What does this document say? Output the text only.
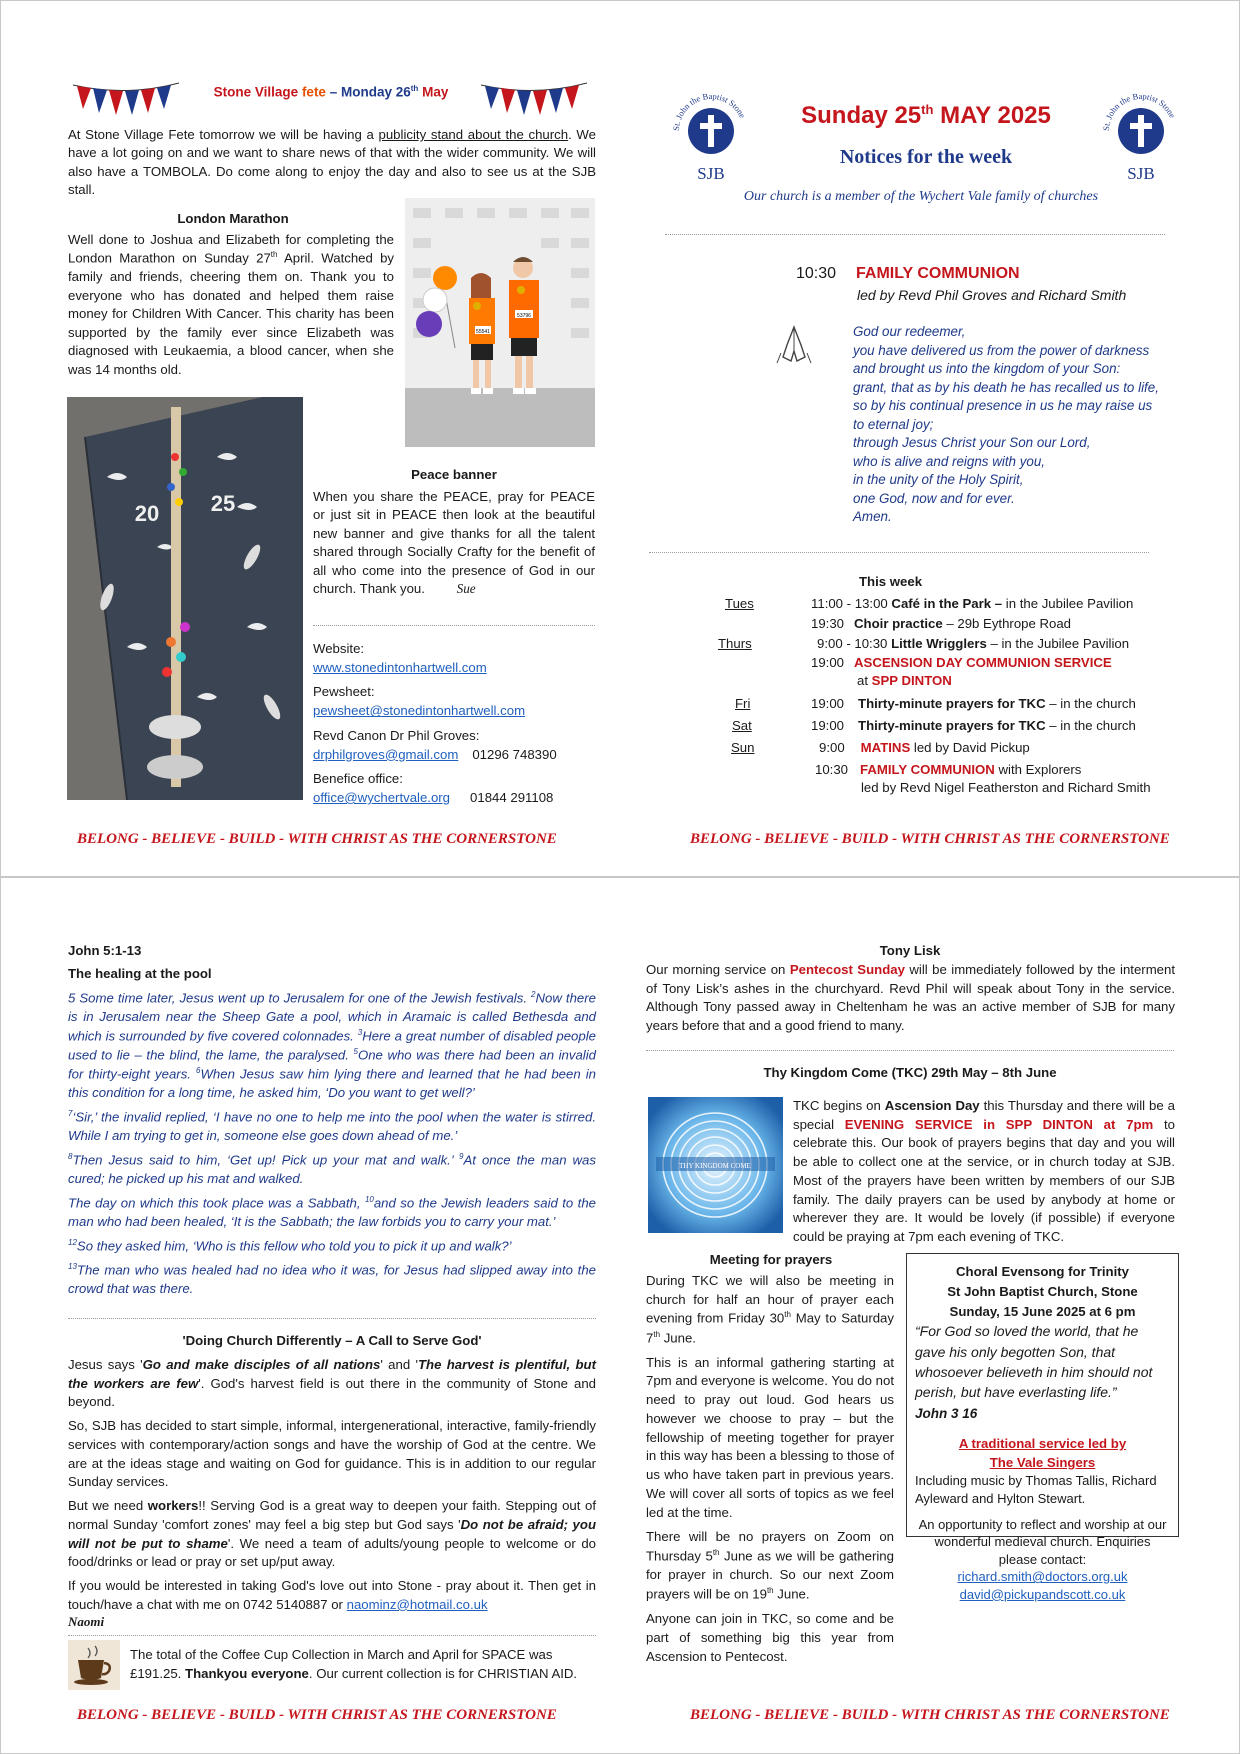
Stone Village fete – Monday 26th May
At Stone Village Fete tomorrow we will be having a publicity stand about the church. We have a lot going on and we want to share news of that with the wider community. We will also have a TOMBOLA. Do come along to enjoy the day and also to see us at the SJB stall.
London Marathon
Well done to Joshua and Elizabeth for completing the London Marathon on Sunday 27th April. Watched by family and friends, cheering them on. Thank you to everyone who has donated and helped them raise money for Children With Cancer. This charity has been supported by the family ever since Elizabeth was diagnosed with Leukaemia, a blood cancer, when she was 14 months old.
55541
53796
20 25
Peace banner
When you share the PEACE, pray for PEACE or just sit in PEACE then look at the beautiful new banner and give thanks for all the talent shared through Socially Crafty for the benefit of all who come into the presence of God in our church. Thank you. Sue
Website:
www.stonedintonhartwell.com
Pewsheet:
pewsheet@stonedintonhartwell.com
Revd Canon Dr Phil Groves:
drphilgroves@gmail.com 01296 748390
Benefice office:
office@wychertvale.org 01844 291108
BELONG - BELIEVE - BUILD - WITH CHRIST AS THE CORNERSTONE
St. John the Baptist Stone
SJB
St. John the Baptist Stone
SJB
Sunday 25th MAY 2025
Notices for the week
Our church is a member of the Wychert Vale family of churches
10:30 FAMILY COMMUNION
led by Revd Phil Groves and Richard Smith
God our redeemer,
you have delivered us from the power of darkness
and brought us into the kingdom of your Son:
grant, that as by his death he has recalled us to life,
so by his continual presence in us he may raise us
to eternal joy;
through Jesus Christ your Son our Lord,
who is alive and reigns with you,
in the unity of the Holy Spirit,
one God, now and for ever.
Amen.
This week
Tues	11:00 - 13:00 Café in the Park – in the Jubilee Pavilion
19:30 Choir practice – 29b Eythrope Road
Thurs	9:00 - 10:30 Little Wrigglers – in the Jubilee Pavilion
19:00 ASCENSION DAY COMMUNION SERVICE
at SPP DINTON
Fri	19:00 Thirty-minute prayers for TKC – in the church
Sat	19:00 Thirty-minute prayers for TKC – in the church
Sun	9:00 MATINS led by David Pickup
10:30 FAMILY COMMUNION with Explorers
led by Revd Nigel Featherston and Richard Smith
BELONG - BELIEVE - BUILD - WITH CHRIST AS THE CORNERSTONE
John 5:1-13
The healing at the pool

5 Some time later, Jesus went up to Jerusalem for one of the Jewish festivals. $^2$Now there is in Jerusalem near the Sheep Gate a pool, which in Aramaic is called Bethesda and which is surrounded by five covered colonnades. $^3$Here a great number of disabled people used to lie – the blind, the lame, the paralysed. $^5$One who was there had been an invalid for thirty-eight years. $^6$When Jesus saw him lying there and learned that he had been in this condition for a long time, he asked him, ‘Do you want to get well?’

$^7$‘Sir,’ the invalid replied, ‘I have no one to help me into the pool when the water is stirred. While I am trying to get in, someone else goes down ahead of me.’

$^8$Then Jesus said to him, ‘Get up! Pick up your mat and walk.’ $^9$At once the man was cured; he picked up his mat and walked.

The day on which this took place was a Sabbath, $^{10}$and so the Jewish leaders said to the man who had been healed, ‘It is the Sabbath; the law forbids you to carry your mat.’

$^{12}$So they asked him, ‘Who is this fellow who told you to pick it up and walk?’

$^{13}$The man who was healed had no idea who it was, for Jesus had slipped away into the crowd that was there.

'Doing Church Differently – A Call to Serve God'

Jesus says 'Go and make disciples of all nations' and 'The harvest is plentiful, but the workers are few'. God's harvest field is out there in the community of Stone and beyond.

So, SJB has decided to start simple, informal, intergenerational, interactive, family-friendly services with contemporary/action songs and have the worship of God at the centre. We are at the ideas stage and waiting on God for guidance. This is in addition to our regular Sunday services.

But we need workers!! Serving God is a great way to deepen your faith. Stepping out of normal Sunday 'comfort zones' may feel a big step but God says 'Do not be afraid; you will not be put to shame'. We need a team of adults/young people to welcome or do food/drinks or lead or pray or set up/put away.

If you would be interested in taking God's love out into Stone - pray about it. Then get in touch/have a chat with me on 0742 5140887 or naominz@hotmail.co.uk

Naomi

The total of the Coffee Cup Collection in March and April for SPACE was £191.25. Thankyou everyone. Our current collection is for CHRISTIAN AID.
BELONG - BELIEVE - BUILD - WITH CHRIST AS THE CORNERSTONE
Tony Lisk
Our morning service on Pentecost Sunday will be immediately followed by the interment of Tony Lisk’s ashes in the churchyard. Revd Phil will speak about Tony in the service. Although Tony passed away in Cheltenham he was an active member of SJB for many years before that and a good friend to many.
Thy Kingdom Come (TKC) 29th May – 8th June
THY KINGDOM COME
TKC begins on Ascension Day this Thursday and there will be a special EVENING SERVICE in SPP DINTON at 7pm to celebrate this. Our book of prayers begins that day and you will be able to collect one at the service, or in church today at SJB. Most of the prayers have been written by members of our SJB family. The daily prayers can be used by anybody at home or wherever they are. It would be lovely (if possible) if everyone could be praying at 7pm each evening of TKC.
Meeting for prayers

During TKC we will also be meeting in church for half an hour of prayer each evening from Friday 30th May to Saturday 7th June.

This is an informal gathering starting at 7pm and everyone is welcome. You do not need to pray out loud. God hears us however we choose to pray – but the fellowship of meeting together for prayer in this way has been a blessing to those of us who have taken part in previous years. We will cover all sorts of topics as we feel led at the time.

There will be no prayers on Zoom on Thursday 5th June as we will be gathering for prayer in church. So our next Zoom prayers will be on 19th June.

Anyone can join in TKC, so come and be part of something big this year from Ascension to Pentecost.

Choral Evensong for Trinity
St John Baptist Church, Stone
Sunday, 15 June 2025 at 6 pm
“For God so loved the world, that he gave his only begotten Son, that whosoever believeth in him should not perish, but have everlasting life.”
John 3 16
A traditional service led by
The Vale Singers
Including music by Thomas Tallis, Richard Ayleward and Hylton Stewart.
An opportunity to reflect and worship at our wonderful medieval church. Enquiries please contact:
richard.smith@doctors.org.uk
david@pickupandscott.co.uk
BELONG - BELIEVE - BUILD - WITH CHRIST AS THE CORNERSTONE
